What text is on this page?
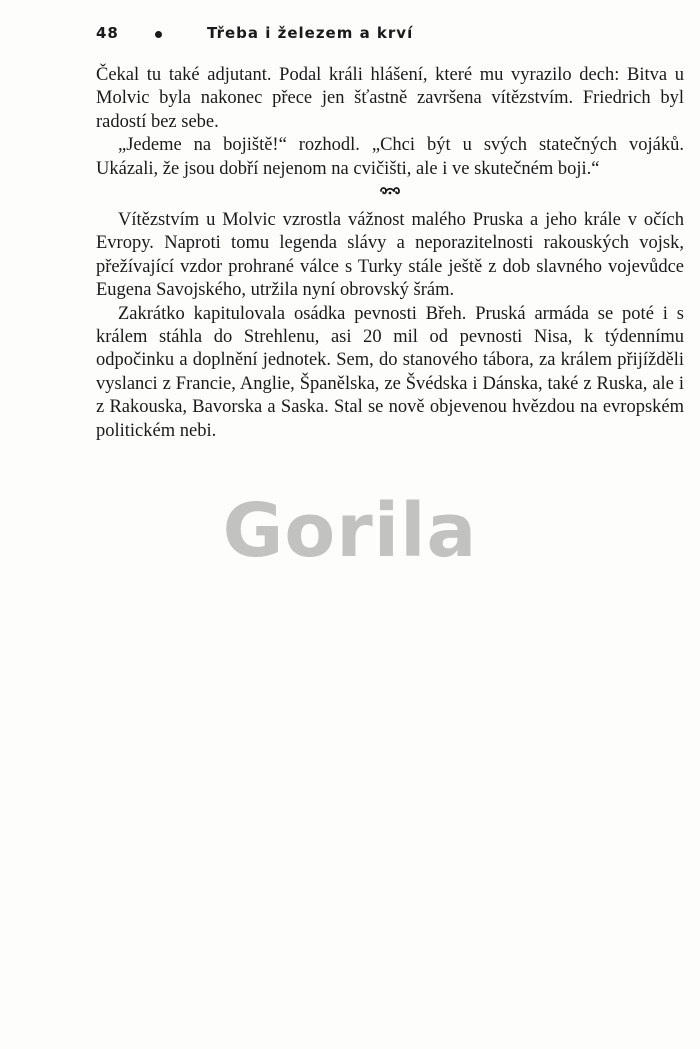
48	Třeba i železem a krví

Čekal tu také adjutant. Podal králi hlášení, které mu vyrazilo dech: Bitva u Molvic byla nakonec přece jen šťastně završena vítězstvím. Friedrich byl radostí bez sebe.

„Jedeme na bojiště!“ rozhodl. „Chci být u svých statečných vojáků. Ukázali, že jsou dobří nejenom na cvičišti, ale i ve skutečném boji.“

Vítězstvím u Molvic vzrostla vážnost malého Pruska a jeho krále v očích Evropy. Naproti tomu legenda slávy a neporazitelnosti rakouských vojsk, přežívající vzdor prohrané válce s Turky stále ještě z dob slavného vojevůdce Eugena Savojského, utržila nyní obrovský šrám.

Zakrátko kapitulovala osádka pevnosti Břeh. Pruská armáda se poté i s králem stáhla do Strehlenu, asi 20 mil od pevnosti Nisa, k týdennímu odpočinku a doplnění jednotek. Sem, do stanového tábora, za králem přijížděli vyslanci z Francie, Anglie, Španělska, ze Švédska i Dánska, také z Ruska, ale i z Rakouska, Bavorska a Saska. Stal se nově objevenou hvězdou na evropském politickém nebi.

Gorila
